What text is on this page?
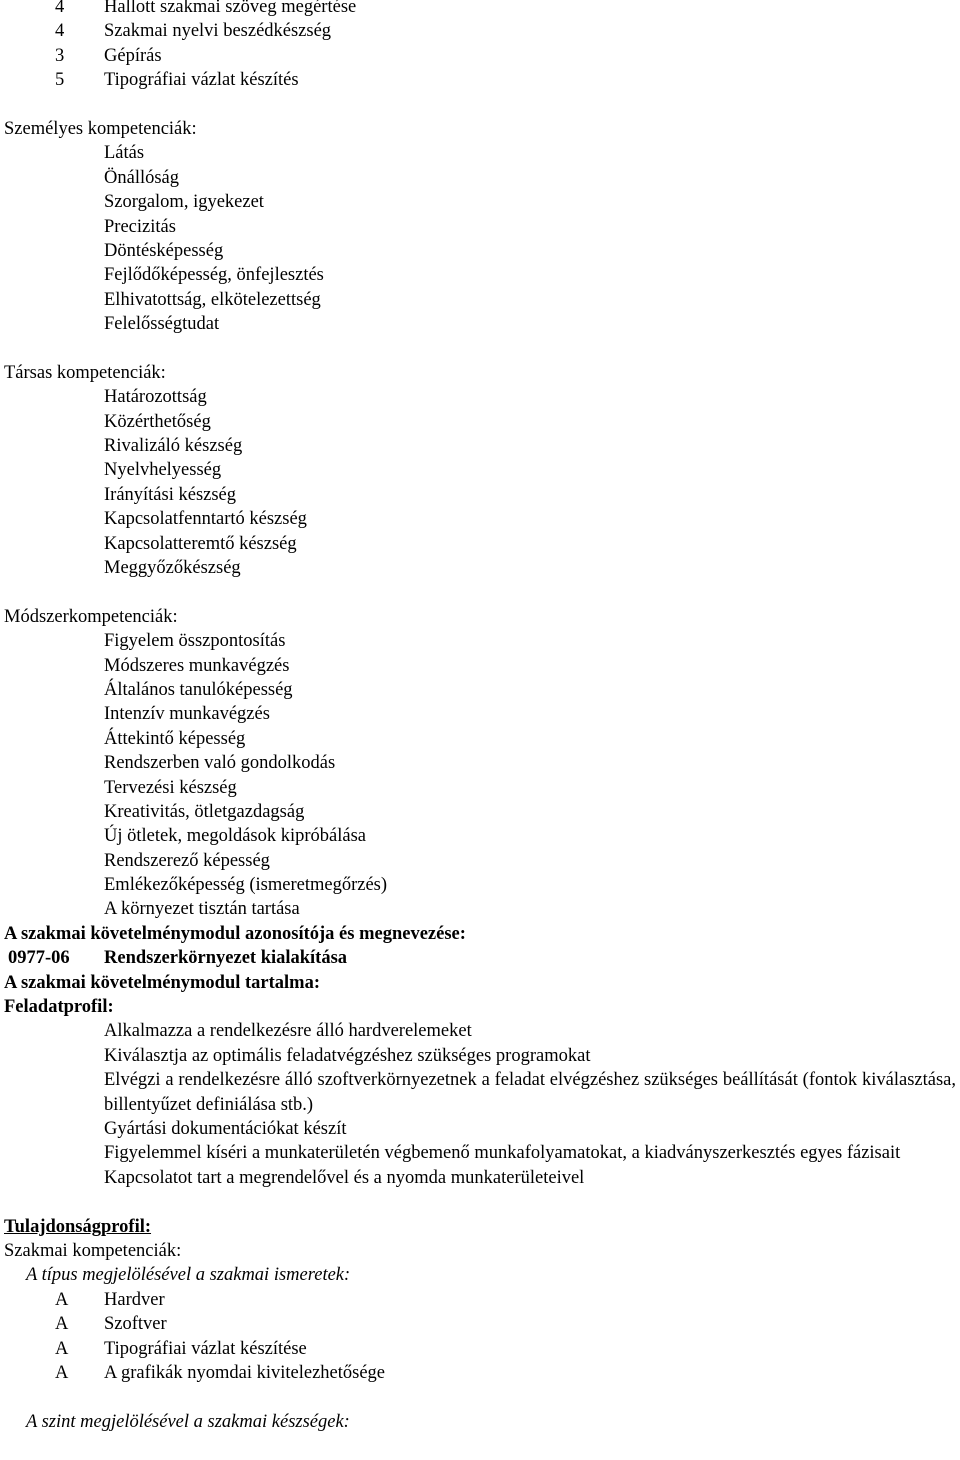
4 Hallott szakmai szöveg megértése
4 Szakmai nyelvi beszédkészség
3 Gépírás
5 Tipográfiai vázlat készítés
Személyes kompetenciák:
Látás
Önállóság
Szorgalom, igyekezet
Precizitás
Döntésképesség
Fejlődőképesség, önfejlesztés
Elhivatottság, elkötelezettség
Felelősségtudat
Társas kompetenciák:
Határozottság
Közérthetőség
Rivalizáló készség
Nyelvhelyesség
Irányítási készség
Kapcsolatfenntartó készség
Kapcsolatteremtő készség
Meggyőzőkészség
Módszerkompetenciák:
Figyelem összpontosítás
Módszeres munkavégzés
Általános tanulóképesség
Intenzív munkavégzés
Áttekintő képesség
Rendszerben való gondolkodás
Tervezési készség
Kreativitás, ötletgazdagság
Új ötletek, megoldások kipróbálása
Rendszerező képesség
Emlékezőképesség (ismeretmegőrzés)
A környezet tisztán tartása
A szakmai követelménymodul azonosítója és megnevezése:
0977-06 Rendszerkörnyezet kialakítása
A szakmai követelménymodul tartalma:
Feladatprofil:
Alkalmazza a rendelkezésre álló hardverelemeket
Kiválasztja az optimális feladatvégzéshez szükséges programokat
Elvégzi a rendelkezésre álló szoftverkörnyezetnek a feladat elvégzéshez szükséges beállítását (fontok kiválasztása, billentyűzet definiálása stb.)
Gyártási dokumentációkat készít
Figyelemmel kíséri a munkaterületén végbemenő munkafolyamatokat, a kiadványszerkesztés egyes fázisait
Kapcsolatot tart a megrendelővel és a nyomda munkaterületeivel
Tulajdonságprofil:
Szakmai kompetenciák:
A típus megjelölésével a szakmai ismeretek:
A Hardver
A Szoftver
A Tipográfiai vázlat készítése
A A grafikák nyomdai kivitelezhetősége
A szint megjelölésével a szakmai készségek:
